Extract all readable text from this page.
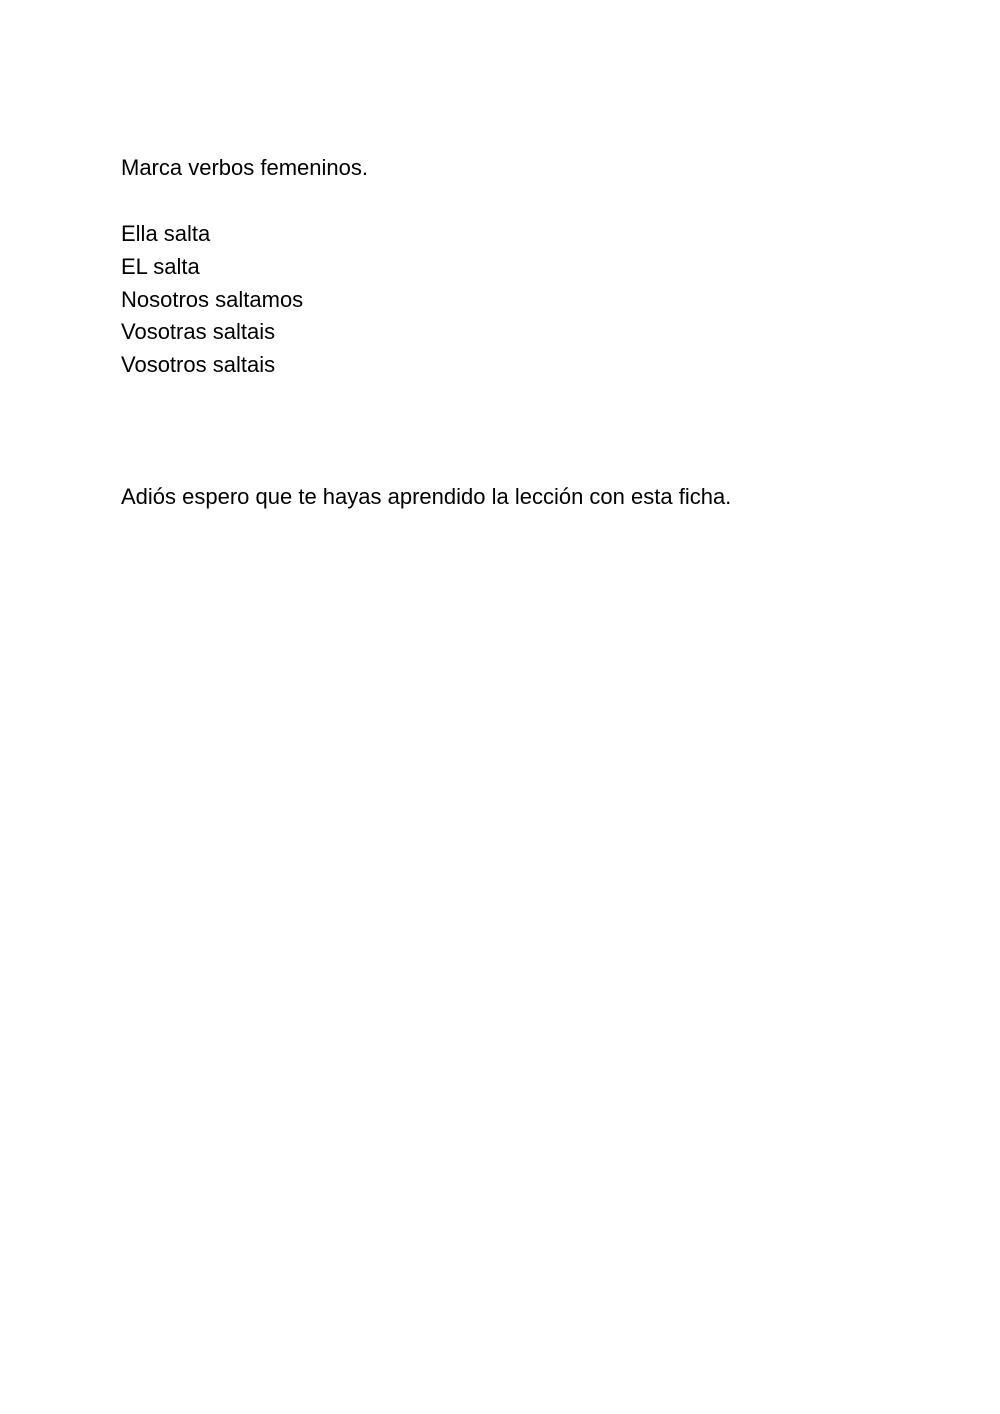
Marca verbos femeninos.
Ella salta
EL salta
Nosotros saltamos
Vosotras saltais
Vosotros saltais
Adiós espero que te hayas aprendido la lección con esta ficha.
